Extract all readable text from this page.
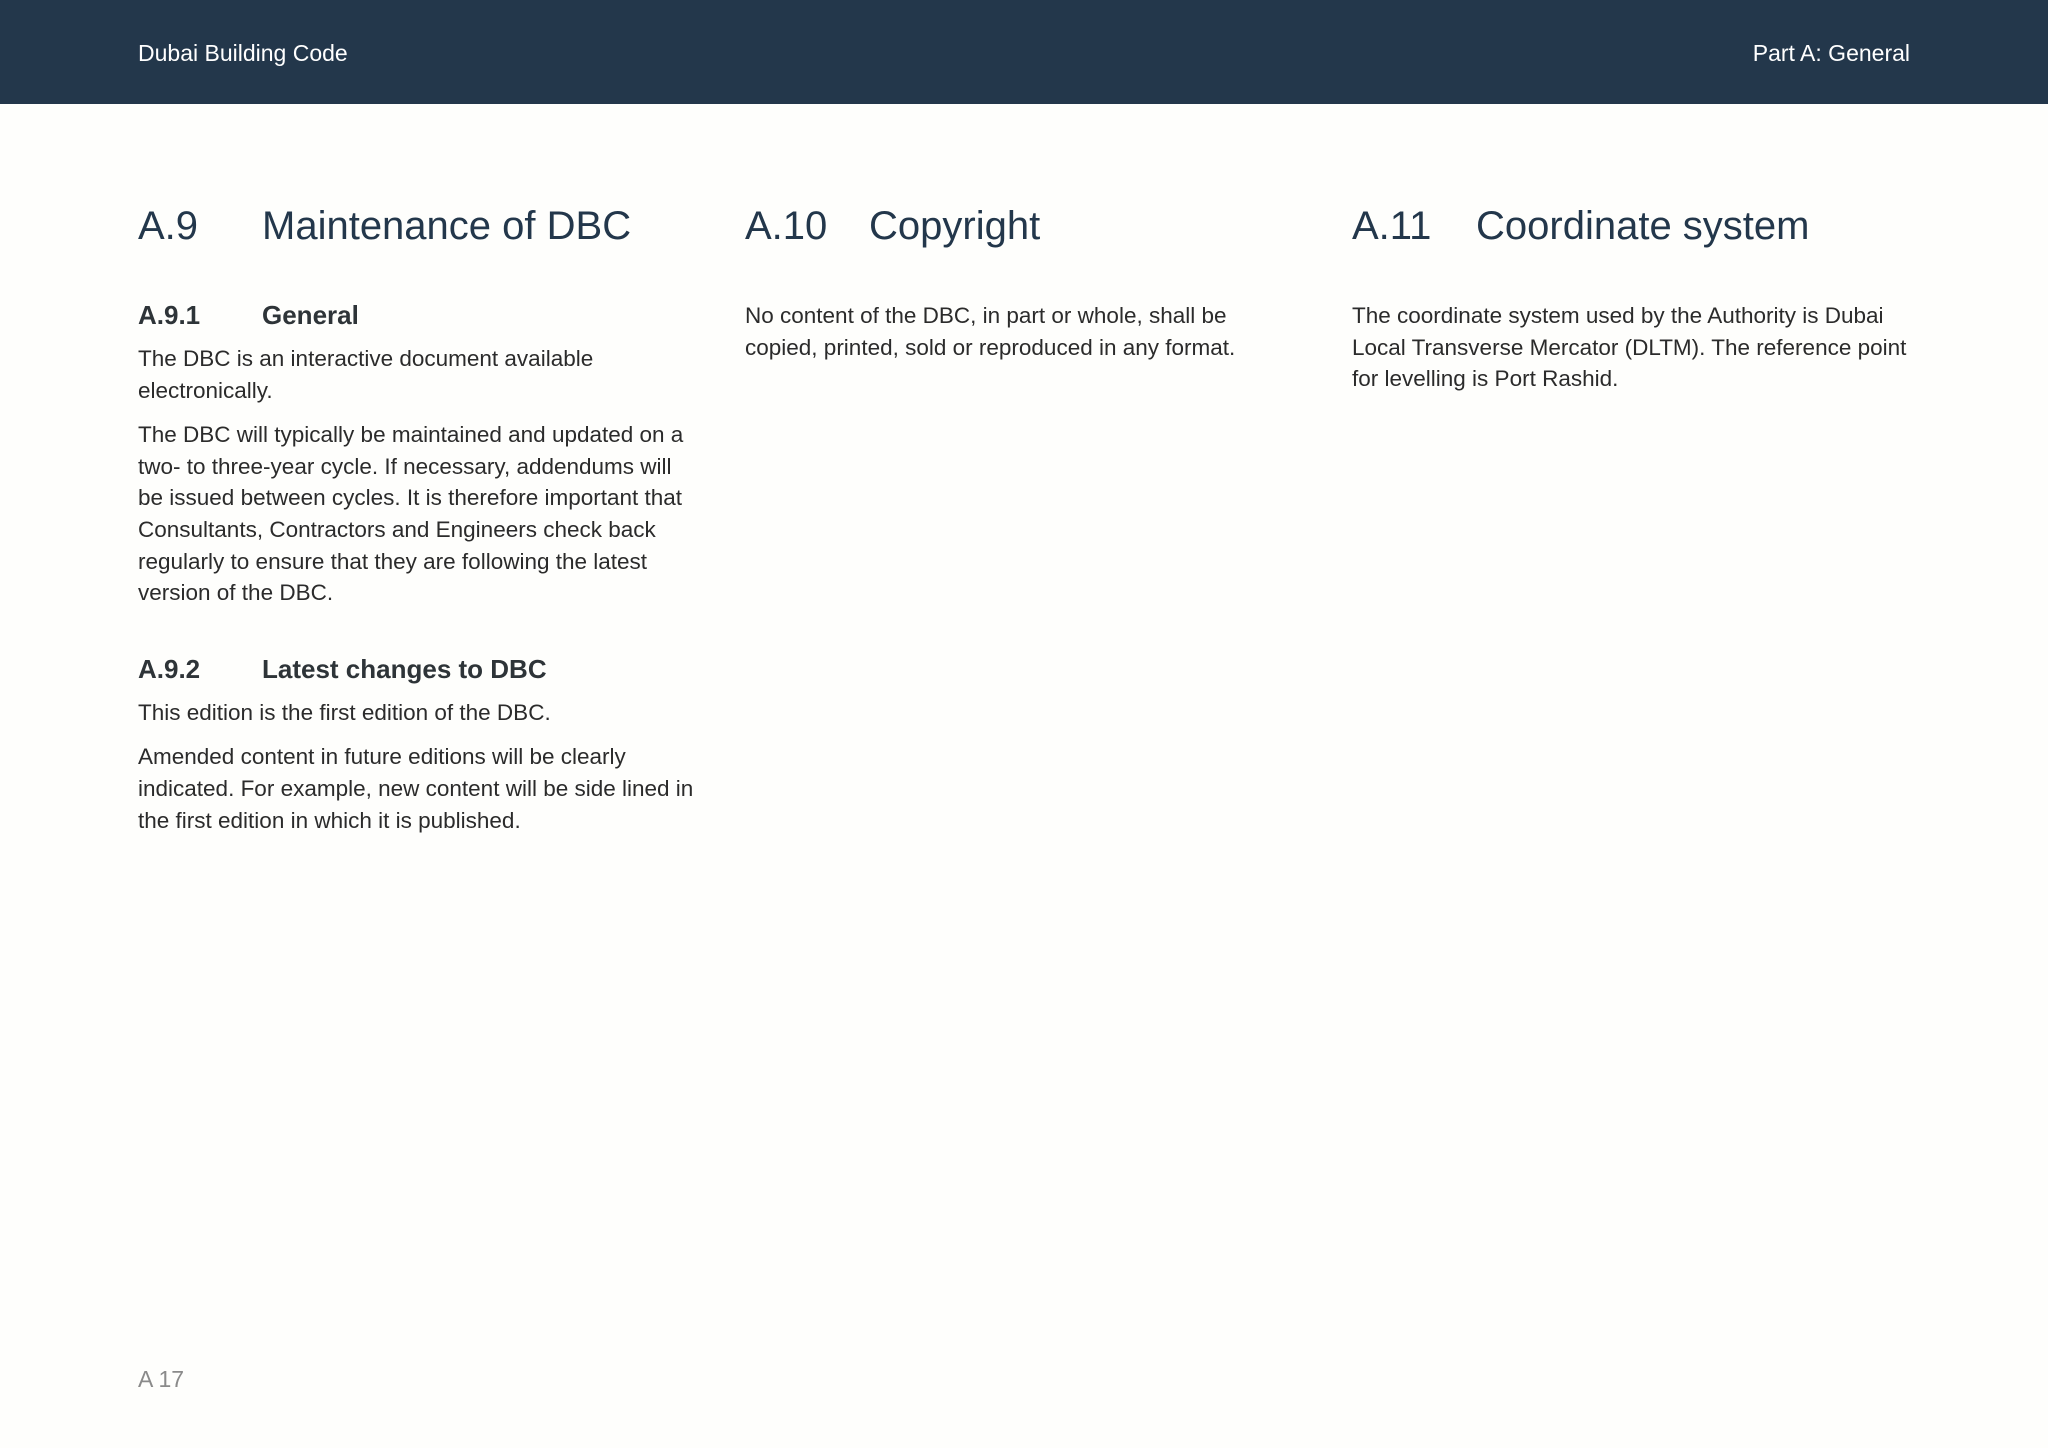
Dubai Building Code	Part A: General
A.9	Maintenance of DBC
A.9.1	General

The DBC is an interactive document available electronically.

The DBC will typically be maintained and updated on a two- to three-year cycle. If necessary, addendums will be issued between cycles. It is therefore important that Consultants, Contractors and Engineers check back regularly to ensure that they are following the latest version of the DBC.

A.9.2	Latest changes to DBC

This edition is the first edition of the DBC.

Amended content in future editions will be clearly indicated. For example, new content will be side lined in the first edition in which it is published.

A.10	Copyright

No content of the DBC, in part or whole, shall be copied, printed, sold or reproduced in any format.

A.11	Coordinate system

The coordinate system used by the Authority is Dubai Local Transverse Mercator (DLTM). The reference point for levelling is Port Rashid.

A 17
